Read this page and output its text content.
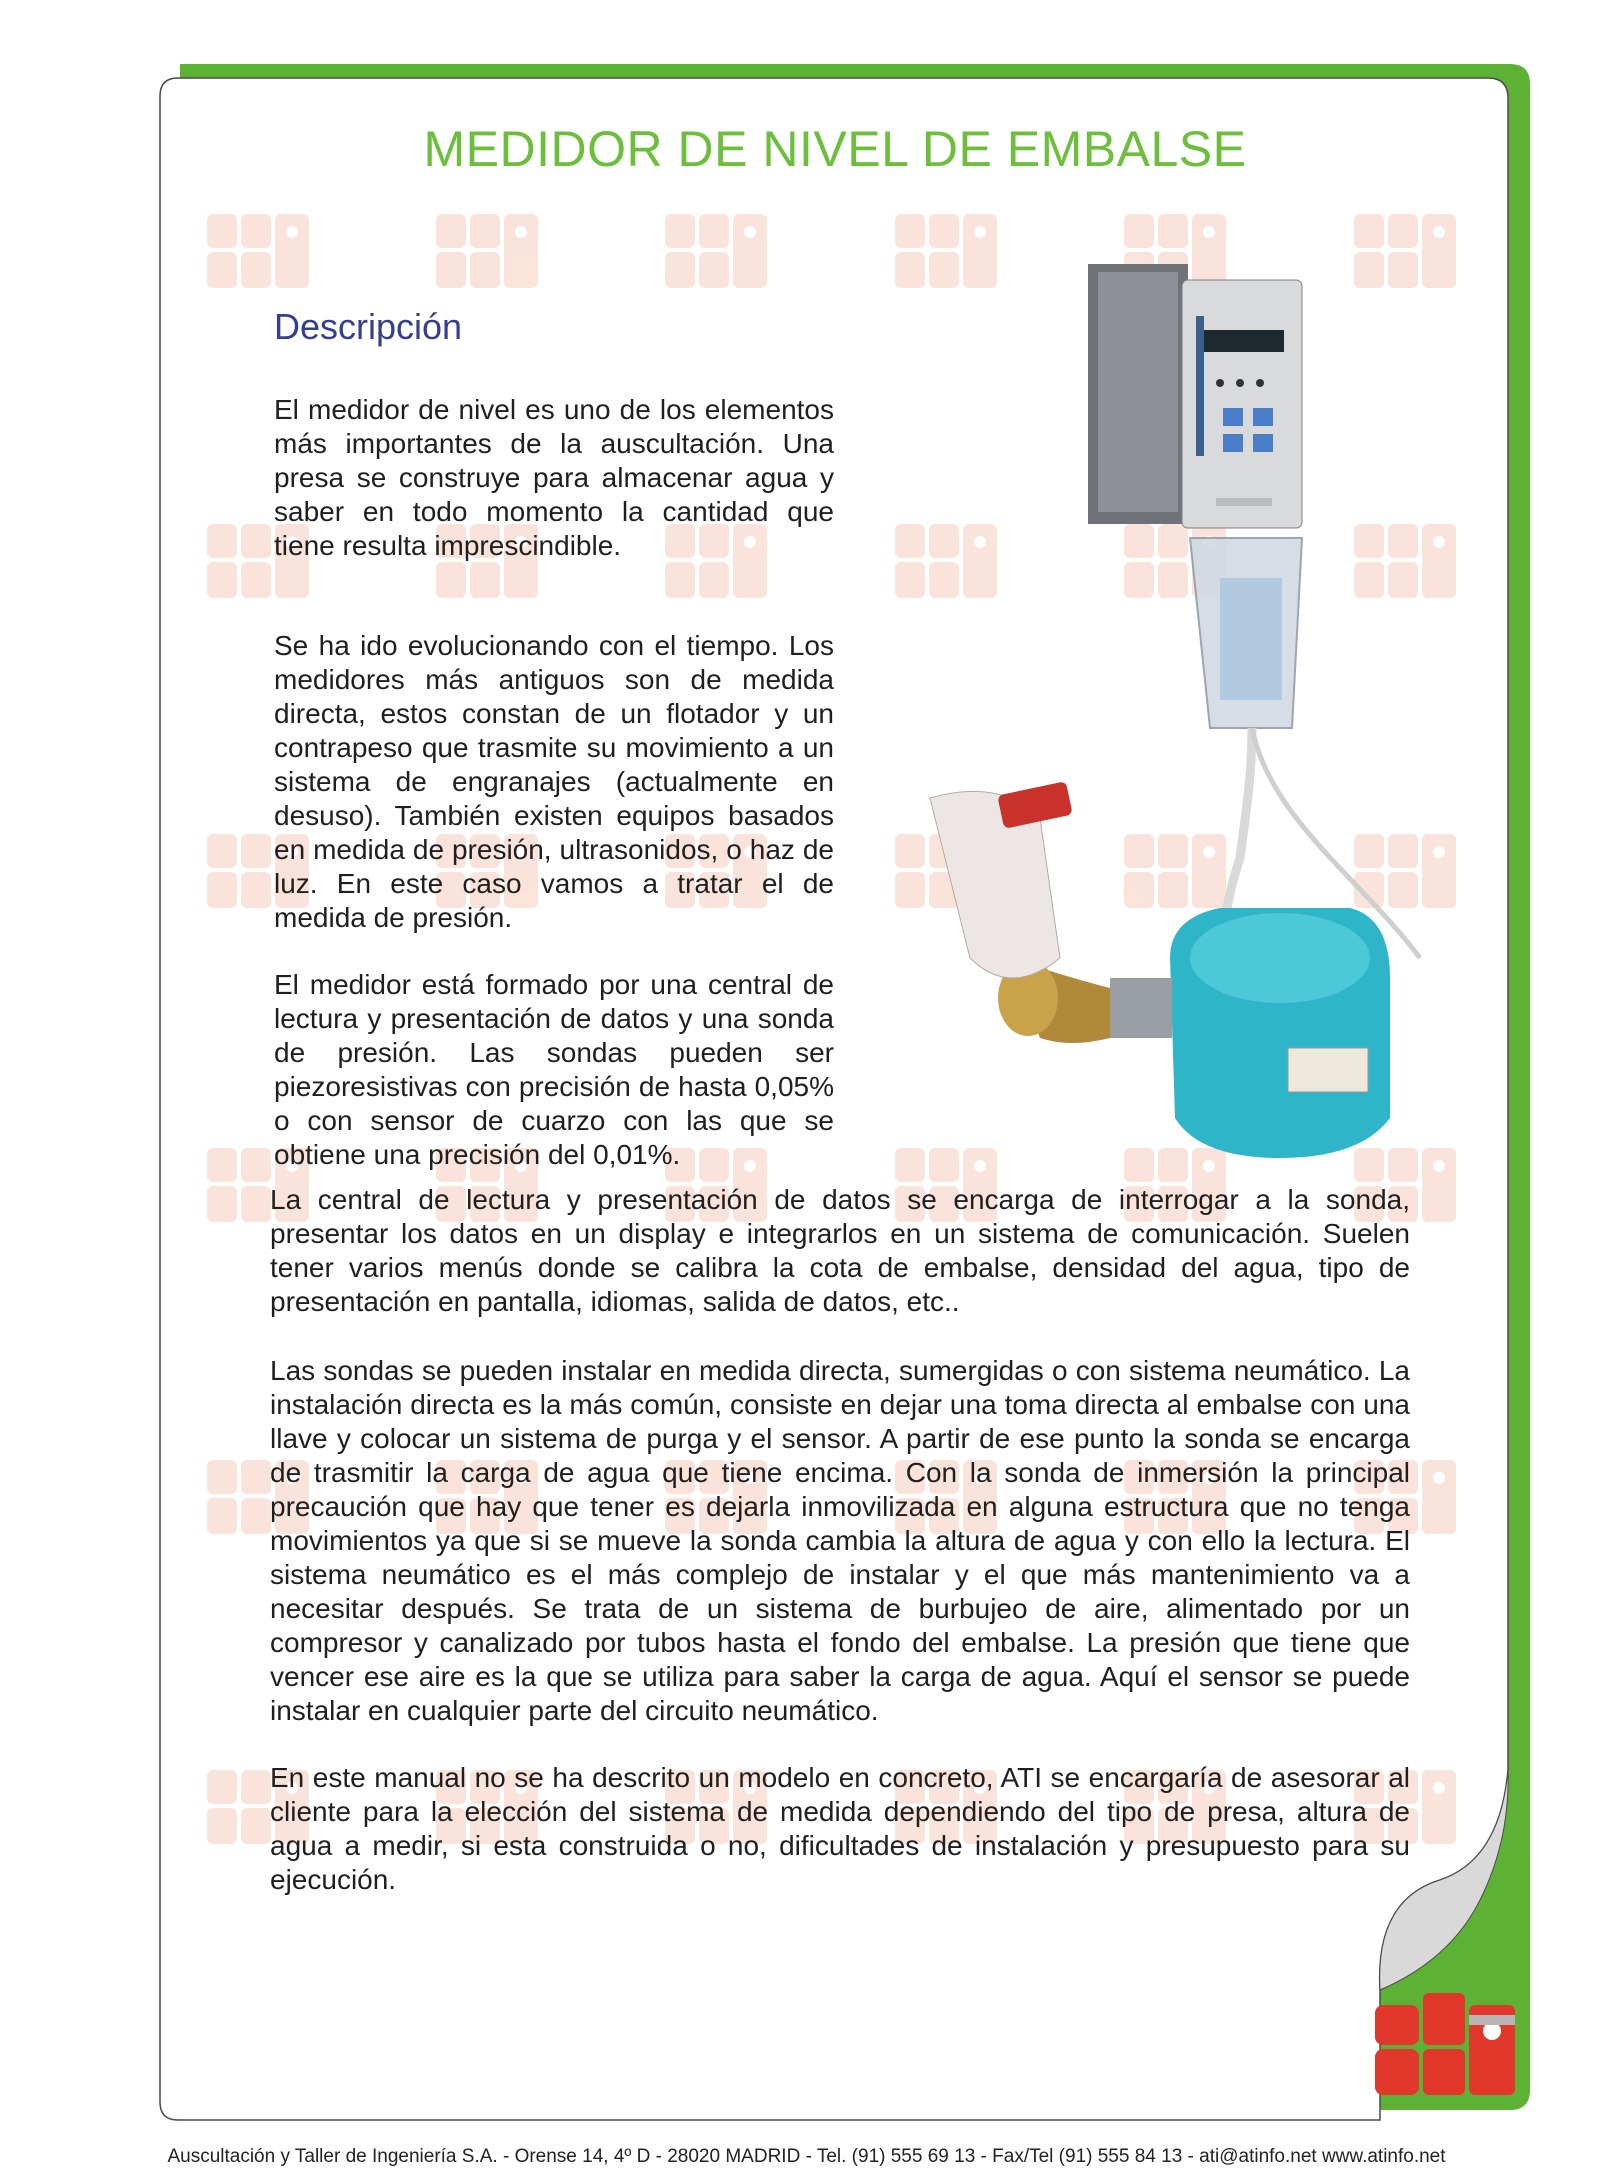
MEDIDOR DE NIVEL DE EMBALSE
Descripción

El medidor de nivel es uno de los elementos más importantes de la auscultación. Una presa se construye para almacenar agua y saber en todo momento la cantidad que tiene resulta imprescindible.

Se ha ido evolucionando con el tiempo. Los medidores más antiguos son de medida directa, estos constan de un flotador y un contrapeso que trasmite su movimiento a un sistema de engranajes (actualmente en desuso). También existen equipos basados en medida de presión, ultrasonidos, o haz de luz. En este caso vamos a tratar el de medida de presión.

El medidor está formado por una central de lectura y presentación de datos y una sonda de presión. Las sondas pueden ser piezoresistivas con precisión de hasta 0,05% o con sensor de cuarzo con las que se obtiene una precisión del 0,01%.

La central de lectura y presentación de datos se encarga de interrogar a la sonda, presentar los datos en un display e integrarlos en un sistema de comunicación. Suelen tener varios menús donde se calibra la cota de embalse, densidad del agua, tipo de presentación en pantalla, idiomas, salida de datos, etc..

Las sondas se pueden instalar en medida directa, sumergidas o con sistema neumático. La instalación directa es la más común, consiste en dejar una toma directa al embalse con una llave y colocar un sistema de purga y el sensor. A partir de ese punto la sonda se encarga de trasmitir la carga de agua que tiene encima. Con la sonda de inmersión la principal precaución que hay que tener es dejarla inmovilizada en alguna estructura que no tenga movimientos ya que si se mueve la sonda cambia la altura de agua y con ello la lectura. El sistema neumático es el más complejo de instalar y el que más mantenimiento va a necesitar después. Se trata de un sistema de burbujeo de aire, alimentado por un compresor y canalizado por tubos hasta el fondo del embalse. La presión que tiene que vencer ese aire es la que se utiliza para saber la carga de agua. Aquí el sensor se puede instalar en cualquier parte del circuito neumático.

En este manual no se ha descrito un modelo en concreto, ATI se encargaría de asesorar al cliente para la elección del sistema de medida dependiendo del tipo de presa, altura de agua a medir, si esta construida o no, dificultades de instalación y presupuesto para su ejecución.

Auscultación y Taller de Ingeniería S.A. - Orense 14, 4º D - 28020 MADRID - Tel. (91) 555 69 13 - Fax/Tel (91) 555 84 13 - ati@atinfo.net www.atinfo.net
